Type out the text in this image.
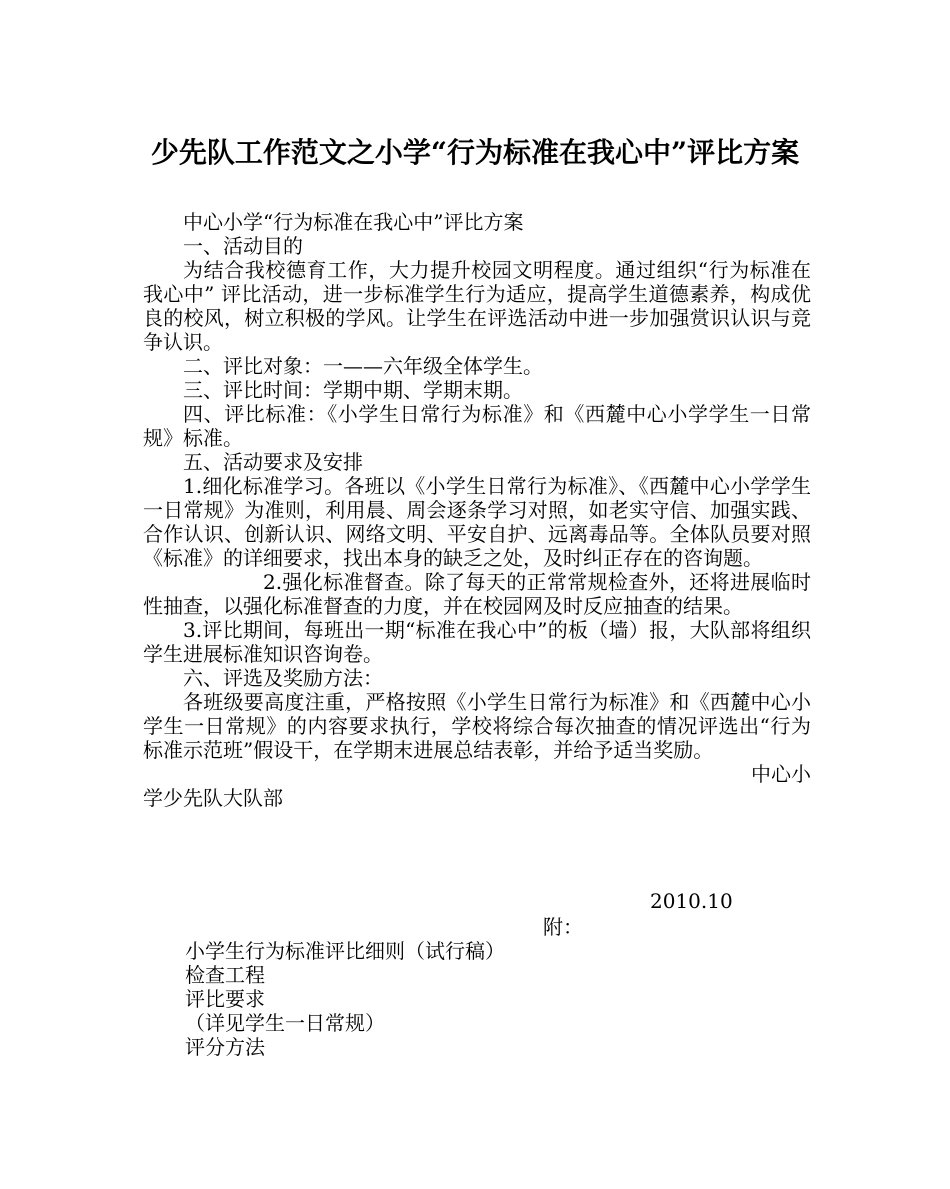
少先队工作范文之小学“行为标准在我心中”评比方案

中心小学“行为标准在我心中”评比方案

一、活动目的

为结合我校德育工作，大力提升校园文明程度。通过组织“行为标准在我心中” 评比活动，进一步标准学生行为适应，提高学生道德素养，构成优良的校风，树立积极的学风。让学生在评选活动中进一步加强赏识认识与竞争认识。

二、评比对象：一——六年级全体学生。

三、评比时间：学期中期、学期末期。

四、评比标准：《小学生日常行为标准》和《西麓中心小学学生一日常规》标准。

五、活动要求及安排

1.细化标准学习。各班以《小学生日常行为标准》、《西麓中心小学学生一日常规》为准则，利用晨、周会逐条学习对照，如老实守信、加强实践、合作认识、创新认识、网络文明、平安自护、远离毒品等。全体队员要对照《标准》的详细要求，找出本身的缺乏之处，及时纠正存在的咨询题。

2.强化标准督查。除了每天的正常常规检查外，还将进展临时性抽查，以强化标准督查的力度，并在校园网及时反应抽查的结果。

3.评比期间，每班出一期“标准在我心中”的板（墙）报，大队部将组织学生进展标准知识咨询卷。

六、评选及奖励方法：

各班级要高度注重，严格按照《小学生日常行为标准》和《西麓中心小学生一日常规》的内容要求执行，学校将综合每次抽查的情况评选出“行为标准示范班”假设干，在学期末进展总结表彰，并给予适当奖励。

中心小

学少先队大队部

2010.10
附：
小学生行为标准评比细则（试行稿）
检查工程
评比要求
（详见学生一日常规）
评分方法
